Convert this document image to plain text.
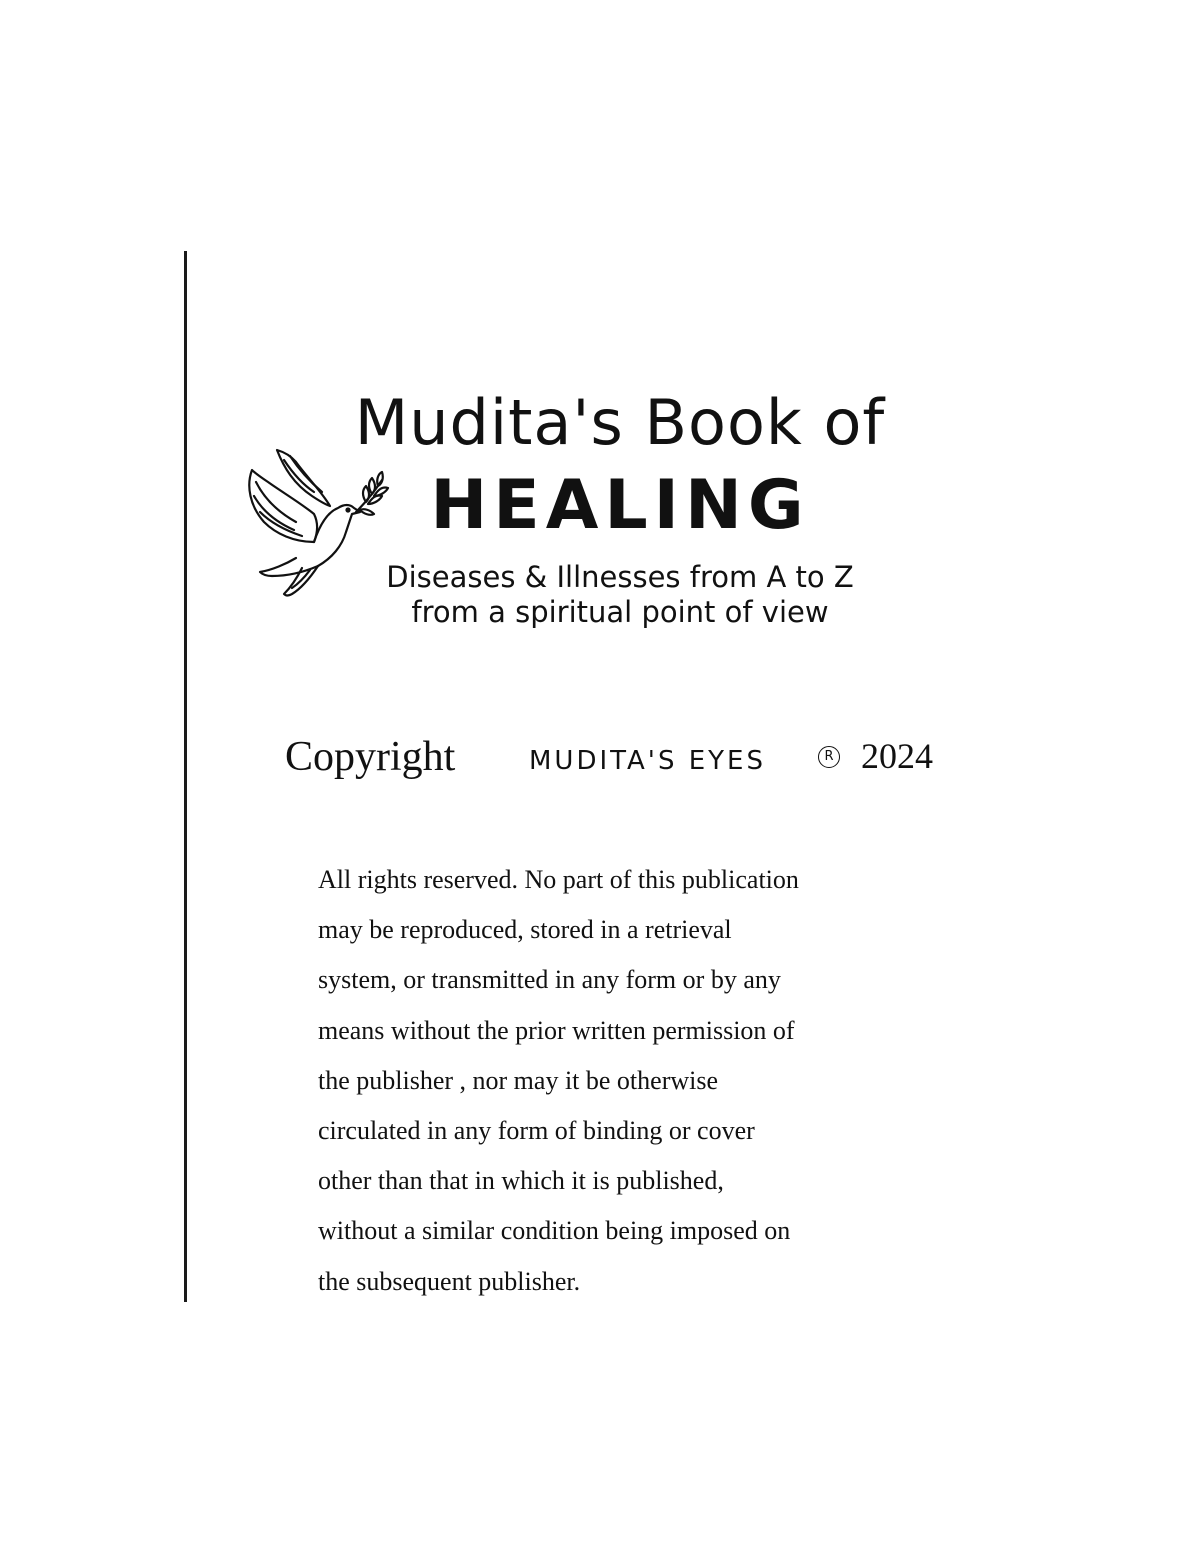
Mudita's Book of
HEALING
Diseases & Illnesses from A to Z
from a spiritual point of view
Copyright	MUDITA'S EYES	R 2024
All rights reserved. No part of this publication
may be reproduced, stored in a retrieval
system, or transmitted in any form or by any
means without the prior written permission of
the publisher , nor may it be otherwise
circulated in any form of binding or cover
other than that in which it is published,
without a similar condition being imposed on
the subsequent publisher.
